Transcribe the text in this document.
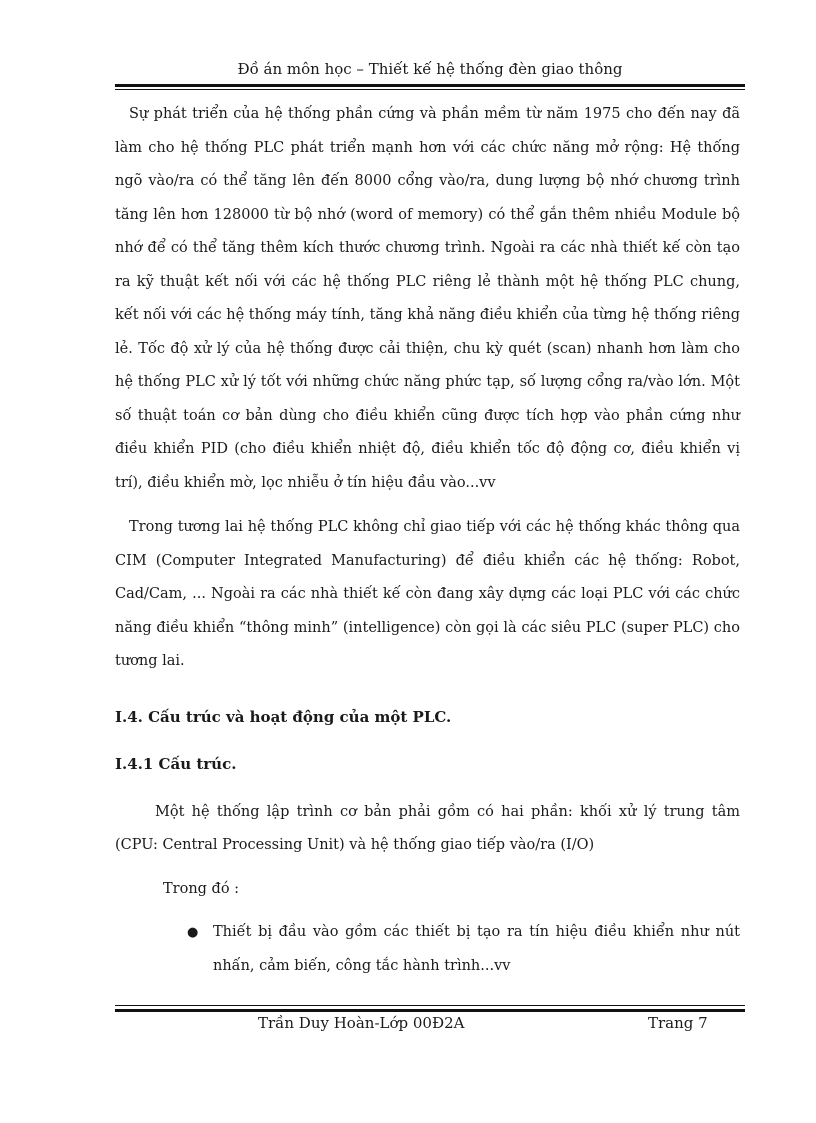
Đồ án môn học – Thiết kế hệ thống đèn giao thông

Sự phát triển của hệ thống phần cứng và phần mềm từ năm 1975 cho đến nay đã làm cho hệ thống PLC phát triển mạnh hơn với các chức năng mở rộng: Hệ thống ngõ vào/ra có thể tăng lên đến 8000 cổng vào/ra, dung lượng bộ nhớ chương trình tăng lên hơn 128000 từ bộ nhớ (word of memory) có thể gắn thêm nhiều Module bộ nhớ để có thể tăng thêm kích thước chương trình. Ngoài ra các nhà thiết kế còn tạo ra kỹ thuật kết nối với các hệ thống PLC riêng lẻ thành một hệ thống PLC chung, kết nối với các hệ thống máy tính, tăng khả năng điều khiển của từng hệ thống riêng lẻ. Tốc độ xử lý của hệ thống được cải thiện, chu kỳ quét (scan) nhanh hơn làm cho hệ thống PLC xử lý tốt với những chức năng phức tạp, số lượng cổng ra/vào lớn. Một số thuật toán cơ bản dùng cho điều khiển cũng được tích hợp vào phần cứng như điều khiển PID (cho điều khiển nhiệt độ, điều khiển tốc độ động cơ, điều khiển vị trí), điều khiển mờ, lọc nhiễu ở tín hiệu đầu vào...vv

Trong tương lai hệ thống PLC không chỉ giao tiếp với các hệ thống khác thông qua CIM (Computer Integrated Manufacturing) để điều khiển các hệ thống: Robot, Cad/Cam, ... Ngoài ra các nhà thiết kế còn đang xây dựng các loại PLC với các chức năng điều khiển “thông minh” (intelligence) còn gọi là các siêu PLC (super PLC) cho tương lai.

I.4. Cấu trúc và hoạt động của một PLC.

I.4.1 Cấu trúc.

Một hệ thống lập trình cơ bản phải gồm có hai phần: khối xử lý trung tâm (CPU: Central Processing Unit) và hệ thống giao tiếp vào/ra (I/O)

Trong đó :

●	Thiết bị đầu vào gồm các thiết bị tạo ra tín hiệu điều khiển như nút nhấn, cảm biến, công tắc hành trình...vv
Trần Duy Hoàn-Lớp 00Đ2A	Trang 7
